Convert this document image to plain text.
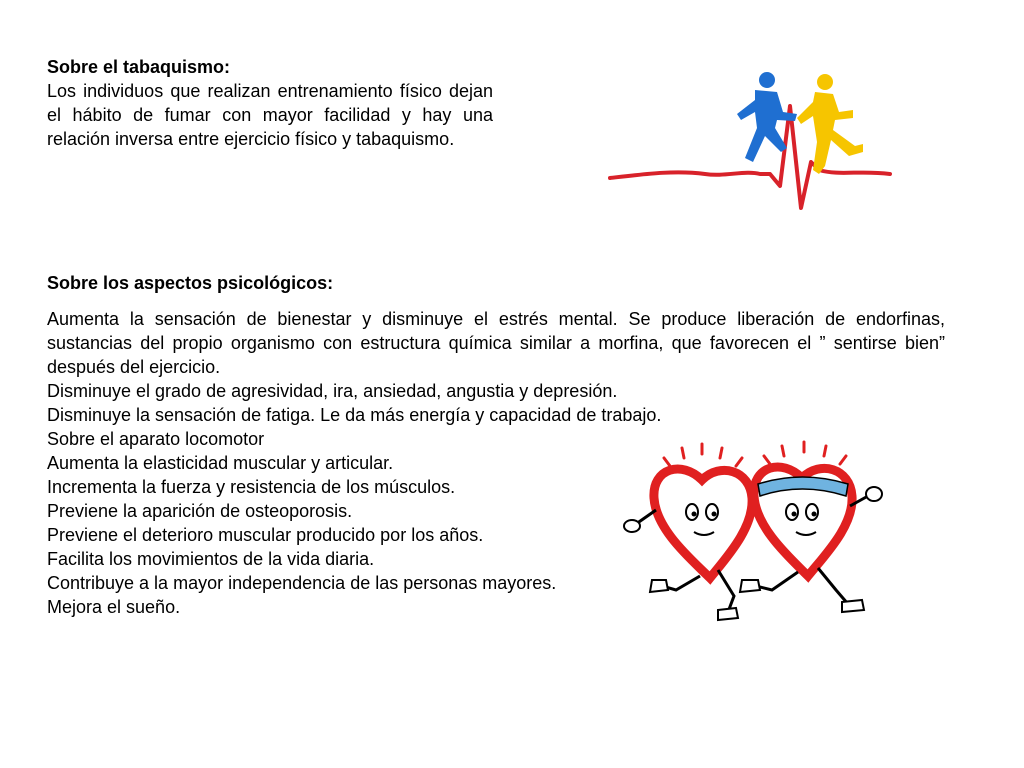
Sobre el tabaquismo:

Los individuos que realizan entrenamiento físico dejan el hábito de fumar con mayor facilidad y hay una relación inversa entre ejercicio físico y tabaquismo.

Sobre los aspectos psicológicos:

Aumenta la sensación de bienestar y disminuye el estrés mental. Se produce liberación de endorfinas, sustancias del propio organismo con estructura química similar a morfina, que favorecen el ” sentirse bien” después del ejercicio.

Disminuye el grado de agresividad, ira, ansiedad, angustia y depresión.
Disminuye la sensación de fatiga. Le da más energía y capacidad de trabajo.
Sobre el aparato locomotor
Aumenta la elasticidad muscular y articular.
Incrementa la fuerza y resistencia de los músculos.
Previene la aparición de osteoporosis.
Previene el deterioro muscular producido por los años.
Facilita los movimientos de la vida diaria.
Contribuye a la mayor independencia de las personas mayores.
Mejora el sueño.
